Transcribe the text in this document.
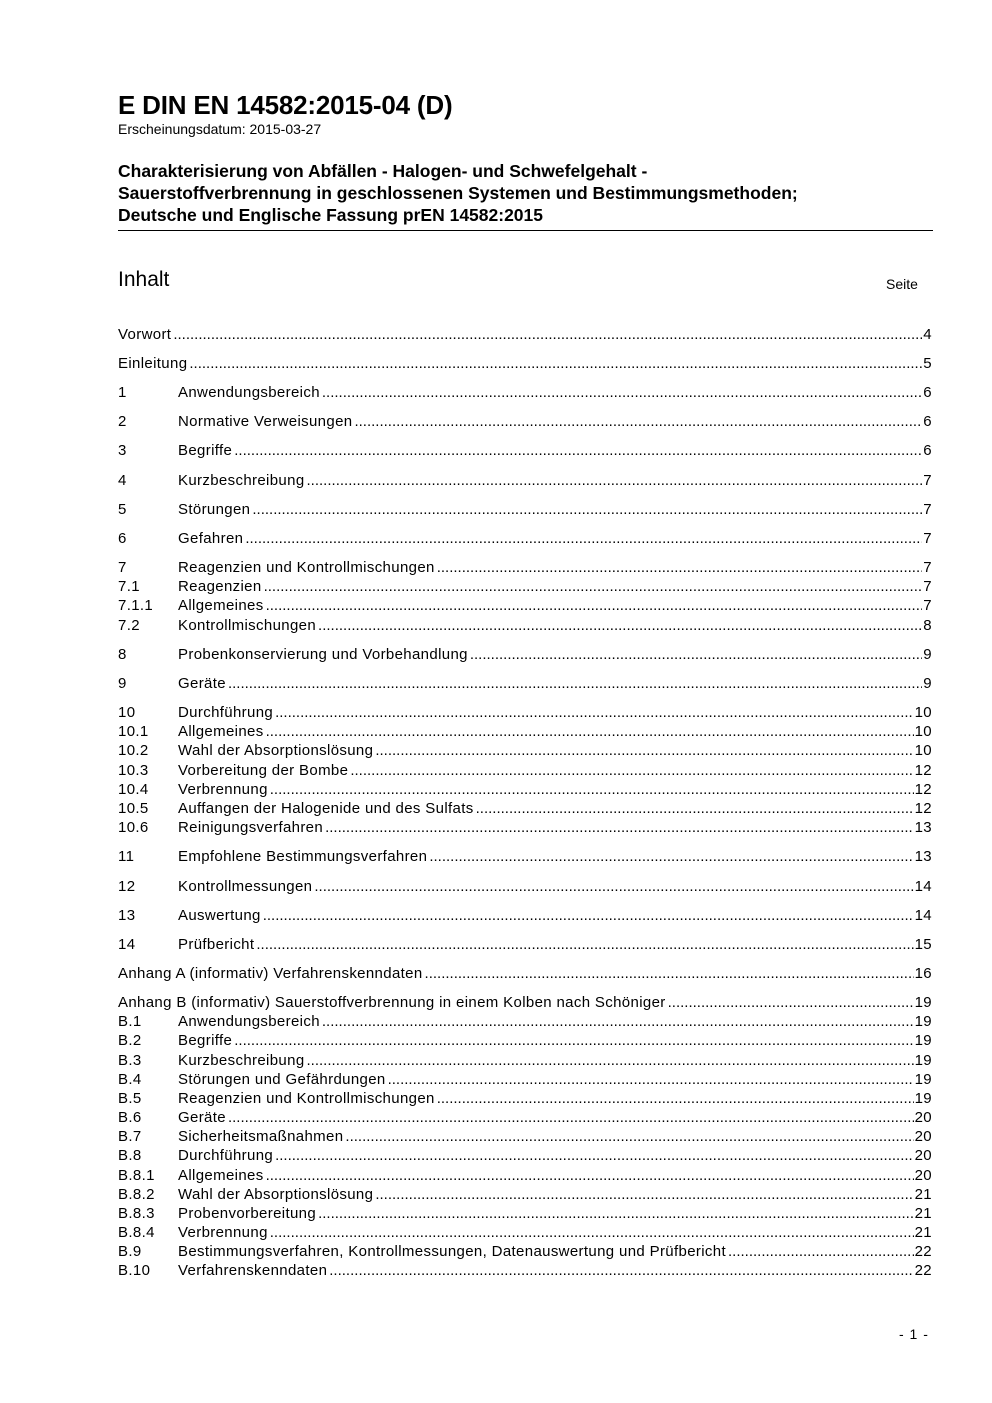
E DIN EN 14582:2015-04 (D)
Erscheinungsdatum: 2015-03-27
Charakterisierung von Abfällen - Halogen- und Schwefelgehalt -
Sauerstoffverbrennung in geschlossenen Systemen und Bestimmungsmethoden;
Deutsche und Englische Fassung prEN 14582:2015
Inhalt	Seite
Vorwort .....	4
Einleitung .....	5
1	Anwendungsbereich .....	6
2	Normative Verweisungen .....	6
3	Begriffe .....	6
4	Kurzbeschreibung .....	7
5	Störungen .....	7
6	Gefahren .....	7
7	Reagenzien und Kontrollmischungen .....	7
7.1	Reagenzien .....	7
7.1.1	Allgemeines .....	7
7.2	Kontrollmischungen .....	8
8	Probenkonservierung und Vorbehandlung .....	9
9	Geräte .....	9
10	Durchführung .....	10
10.1	Allgemeines .....	10
10.2	Wahl der Absorptionslösung .....	10
10.3	Vorbereitung der Bombe .....	12
10.4	Verbrennung .....	12
10.5	Auffangen der Halogenide und des Sulfats .....	12
10.6	Reinigungsverfahren .....	13
11	Empfohlene Bestimmungsverfahren .....	13
12	Kontrollmessungen .....	14
13	Auswertung .....	14
14	Prüfbericht .....	15
Anhang A (informativ) Verfahrenskenndaten .....	16
Anhang B (informativ) Sauerstoffverbrennung in einem Kolben nach Schöniger .....	19
B.1	Anwendungsbereich .....	19
B.2	Begriffe .....	19
B.3	Kurzbeschreibung .....	19
B.4	Störungen und Gefährdungen .....	19
B.5	Reagenzien und Kontrollmischungen .....	19
B.6	Geräte .....	20
B.7	Sicherheitsmaßnahmen .....	20
B.8	Durchführung .....	20
B.8.1	Allgemeines .....	20
B.8.2	Wahl der Absorptionslösung .....	21
B.8.3	Probenvorbereitung .....	21
B.8.4	Verbrennung .....	21
B.9	Bestimmungsverfahren, Kontrollmessungen, Datenauswertung und Prüfbericht .....	22
B.10	Verfahrenskenndaten .....	22
- 1 -
